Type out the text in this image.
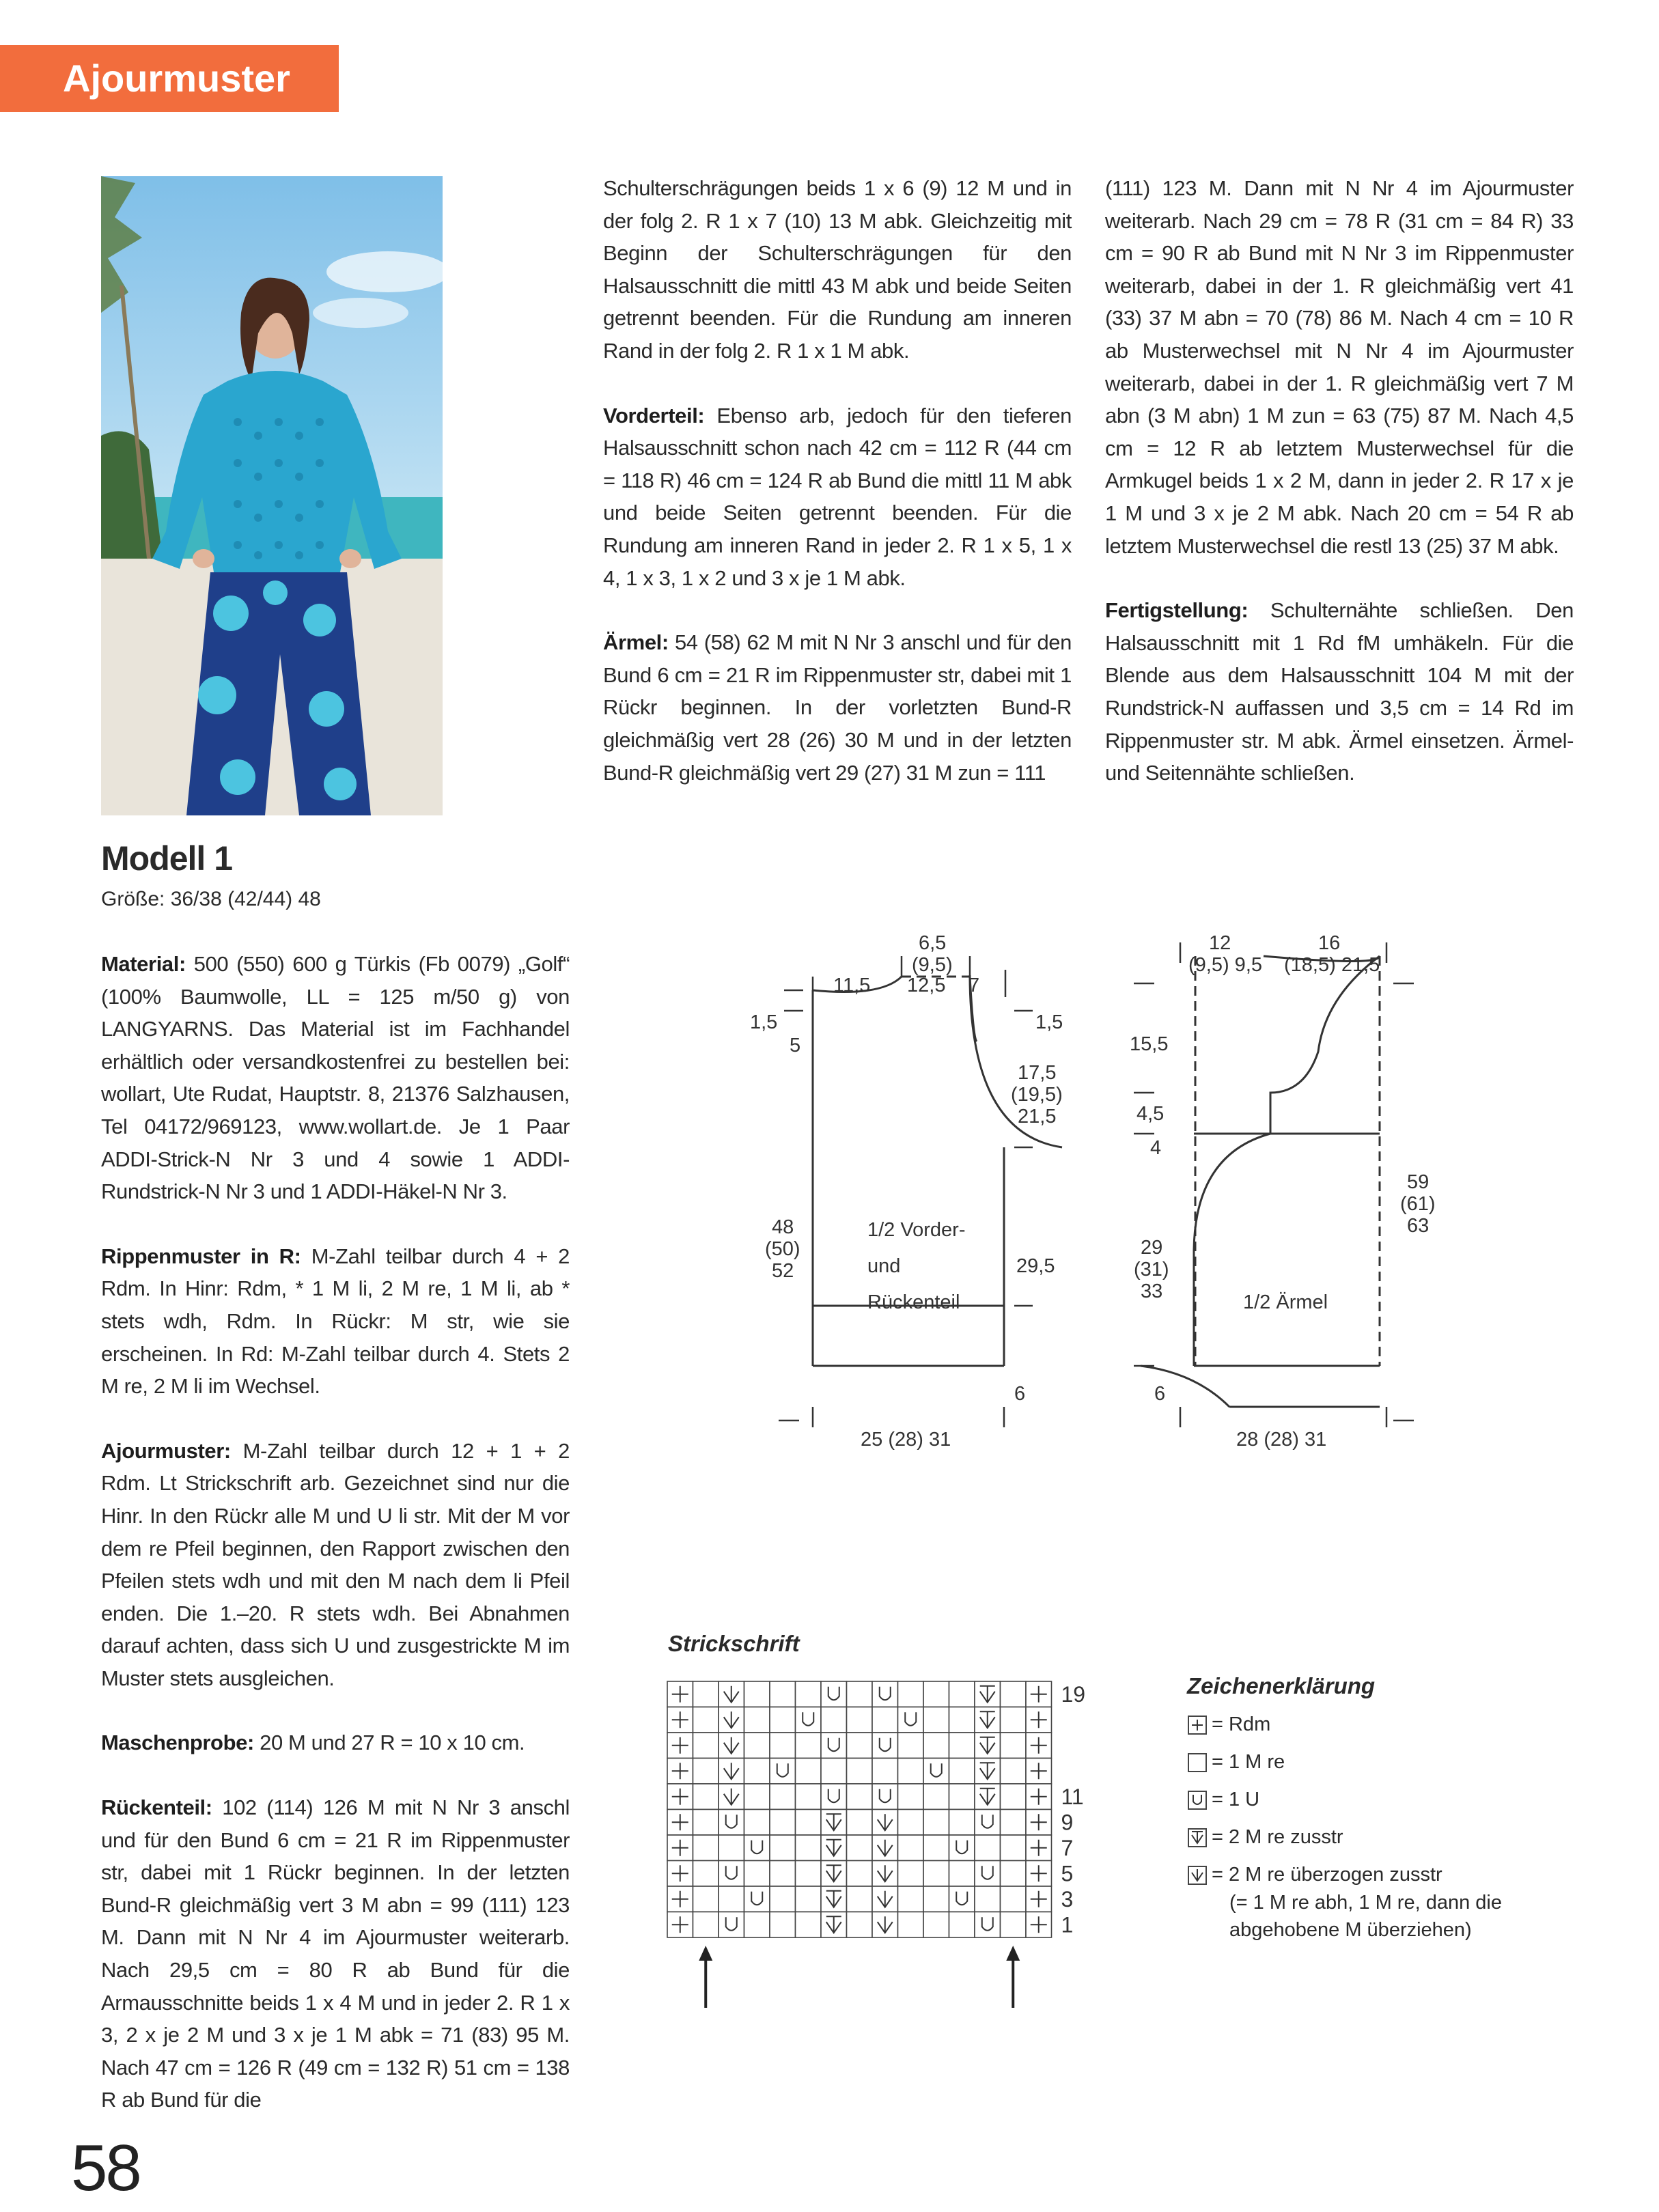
Ajourmuster
Modell 1
Größe: 36/38 (42/44) 48

Material: 500 (550) 600 g Türkis (Fb 0079) „Golf“ (100% Baumwolle, LL = 125 m/50 g) von LANGYARNS. Das Material ist im Fachhandel erhältlich oder versandkostenfrei zu bestellen bei: wollart, Ute Rudat, Hauptstr. 8, 21376 Salzhausen, Tel 04172/969123, www.wollart.de. Je 1 Paar ADDI-Strick-N Nr 3 und 4 sowie 1 ADDI-Rundstrick-N Nr 3 und 1 ADDI-Häkel-N Nr 3.

Rippenmuster in R: M-Zahl teilbar durch 4 + 2 Rdm. In Hinr: Rdm, * 1 M li, 2 M re, 1 M li, ab * stets wdh, Rdm. In Rückr: M str, wie sie erscheinen. In Rd: M-Zahl teilbar durch 4. Stets 2 M re, 2 M li im Wechsel.

Ajourmuster: M-Zahl teilbar durch 12 + 1 + 2 Rdm. Lt Strickschrift arb. Gezeichnet sind nur die Hinr. In den Rückr alle M und U li str. Mit der M vor dem re Pfeil beginnen, den Rapport zwischen den Pfeilen stets wdh und mit den M nach dem li Pfeil enden. Die 1.–20. R stets wdh. Bei Abnahmen darauf achten, dass sich U und zusgestrickte M im Muster stets ausgleichen.

Maschenprobe: 20 M und 27 R = 10 x 10 cm.

Rückenteil: 102 (114) 126 M mit N Nr 3 anschl und für den Bund 6 cm = 21 R im Rippenmuster str, dabei mit 1 Rückr beginnen. In der letzten Bund-R gleichmäßig vert 3 M abn = 99 (111) 123 M. Dann mit N Nr 4 im Ajourmuster weiterarb. Nach 29,5 cm = 80 R ab Bund für die Armausschnitte beids 1 x 4 M und in jeder 2. R 1 x 3, 2 x je 2 M und 3 x je 1 M abk = 71 (83) 95 M. Nach 47 cm = 126 R (49 cm = 132 R) 51 cm = 138 R ab Bund für die

Schulterschrägungen beids 1 x 6 (9) 12 M und in der folg 2. R 1 x 7 (10) 13 M abk. Gleichzeitig mit Beginn der Schulterschrägungen für den Halsausschnitt die mittl 43 M abk und beide Seiten getrennt beenden. Für die Rundung am inneren Rand in der folg 2. R 1 x 1 M abk.

Vorderteil: Ebenso arb, jedoch für den tieferen Halsausschnitt schon nach 42 cm = 112 R (44 cm = 118 R) 46 cm = 124 R ab Bund die mittl 11 M abk und beide Seiten getrennt beenden. Für die Rundung am inneren Rand in jeder 2. R 1 x 5, 1 x 4, 1 x 3, 1 x 2 und 3 x je 1 M abk.

Ärmel: 54 (58) 62 M mit N Nr 3 anschl und für den Bund 6 cm = 21 R im Rippenmuster str, dabei mit 1 Rückr beginnen. In der vorletzten Bund-R gleichmäßig vert 28 (26) 30 M und in der letzten Bund-R gleichmäßig vert 29 (27) 31 M zun = 111

(111) 123 M. Dann mit N Nr 4 im Ajourmuster weiterarb. Nach 29 cm = 78 R (31 cm = 84 R) 33 cm = 90 R ab Bund mit N Nr 3 im Rippenmuster weiterarb, dabei in der 1. R gleichmäßig vert 41 (33) 37 M abn = 70 (78) 86 M. Nach 4 cm = 10 R ab Musterwechsel mit N Nr 4 im Ajourmuster weiterarb, dabei in der 1. R gleichmäßig vert 7 M abn (3 M abn) 1 M zun = 63 (75) 87 M. Nach 4,5 cm = 12 R ab letztem Musterwechsel für die Armkugel beids 1 x 2 M, dann in jeder 2. R 17 x je 1 M und 3 x je 2 M abk. Nach 20 cm = 54 R ab letztem Musterwechsel die restl 13 (25) 37 M abk.

Fertigstellung: Schulternähte schließen. Den Halsausschnitt mit 1 Rd fM umhäkeln. Für die Blende aus dem Halsausschnitt 104 M mit der Rundstrick-N auffassen und 3,5 cm = 14 Rd im Rippenmuster str. M abk. Ärmel einsetzen. Ärmel- und Seitennähte schließen.

6,5
(9,5)
11,5 12,5 7
1,5
5
1,5
17,5
(19,5)
21,5
48
(50)
52
1/2 Vorder-
und
Rückenteil
29,5
6
25 (28) 31
12
(9,5) 9,5
16
(18,5) 21,5
15,5
4,5
4
29
(31)
33
59
(61)
63
1/2 Ärmel
6
28 (28) 31
Strickschrift
19
11
9
7
5
3
1
Zeichenerklärung
= Rdm
= 1 M re
= 1 U
= 2 M re zusstr
= 2 M re überzogen zusstr
(= 1 M re abh, 1 M re, dann die
abgehobene M überziehen)
58
